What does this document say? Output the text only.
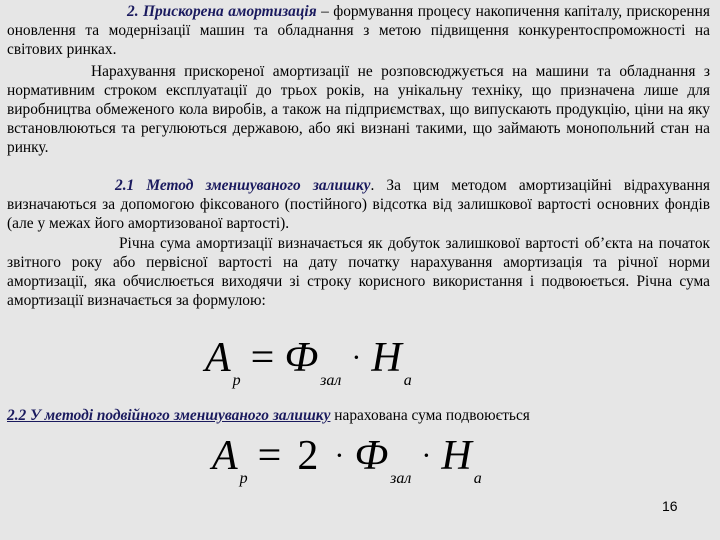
2. Прискорена амортизація – формування процесу накопичення капіталу, прискорення оновлення та модернізації машин та обладнання з метою підвищення конкурентоспроможності на світових ринках.
Нарахування прискореної амортизації не розповсюджується на машини та обладнання з нормативним строком експлуатації до трьох років, на унікальну техніку, що призначена лише для виробництва обмеженого кола виробів, а також на підприємствах, що випускають продукцію, ціни на яку встановлюються та регулюються державою, або які визнані такими, що займають монопольний стан на ринку.
2.1 Метод зменшуваного залишку. За цим методом амортизаційні відрахування визначаються за допомогою фіксованого (постійного) відсотка від залишкової вартості основних фондів (але у межах його амортизованої вартості).
Річна сума амортизації визначається як добуток залишкової вартості об’єкта на початок звітного року або первісної вартості на дату початку нарахування амортизація та річної норми амортизації, яка обчислюється виходячи зі строку корисного використання і подвоюється. Річна сума амортизації визначається за формулою:
Aр = Ф зал · Н а
2.2 У методі подвійного зменшуваного залишку нарахована сума подвоюється
Aр = 2 · Ф зал · Н а
16
